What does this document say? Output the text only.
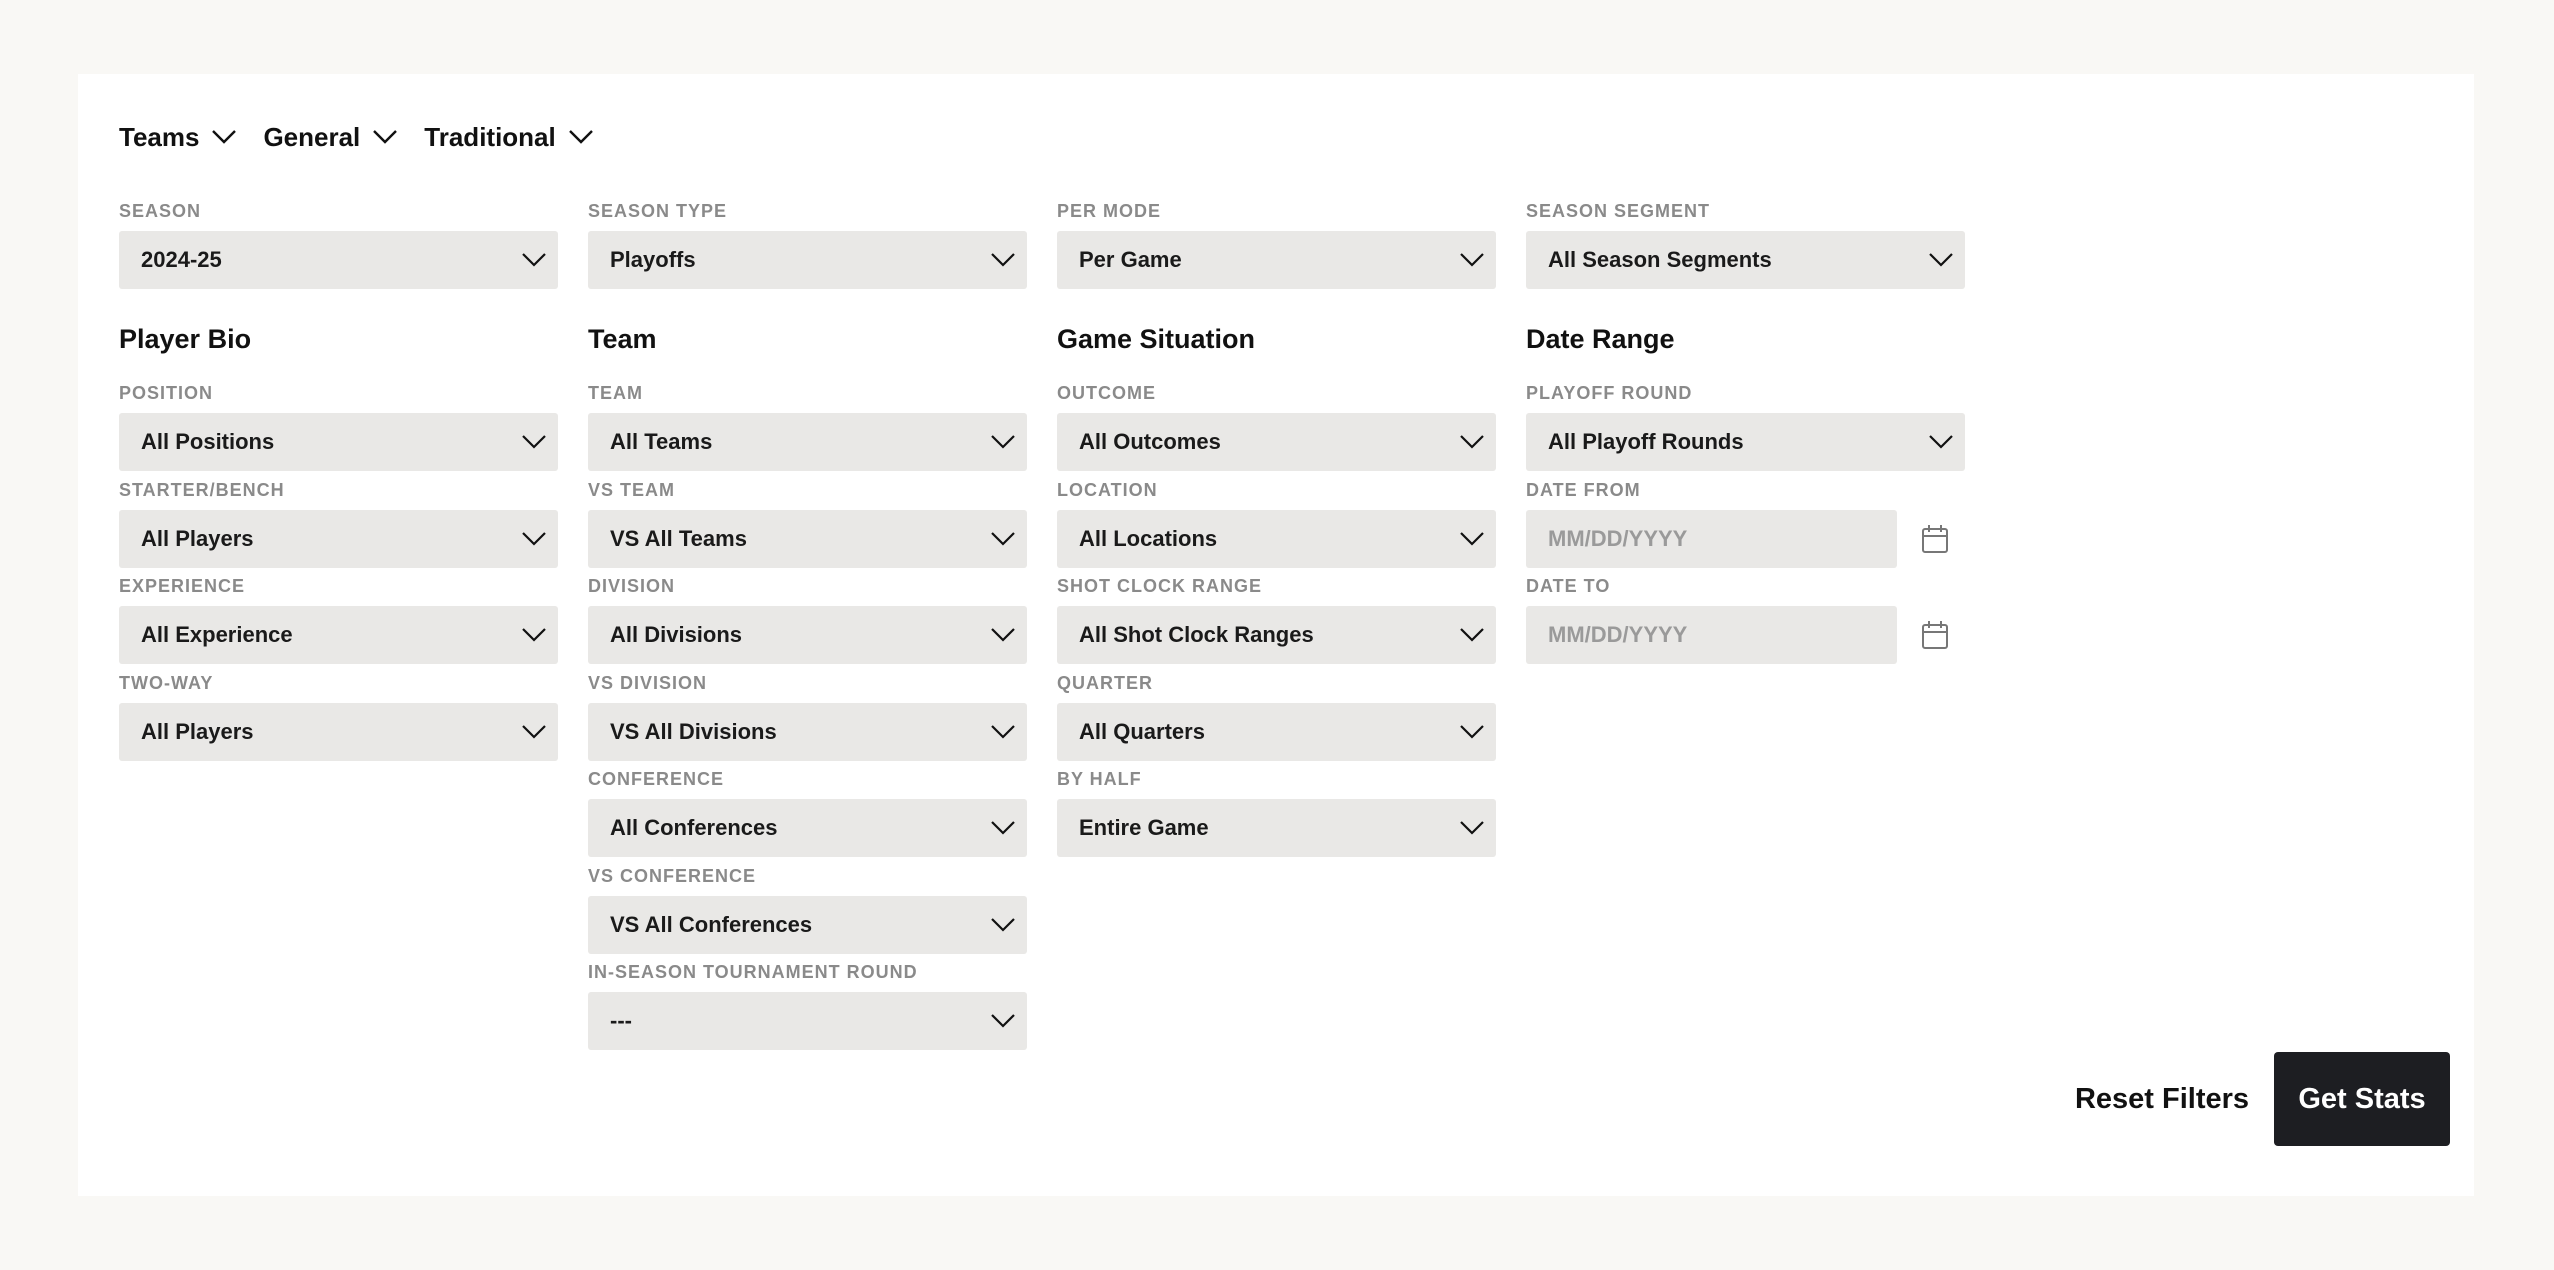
Teams General Traditional
SEASON
2024-25
SEASON TYPE
Playoffs
PER MODE
Per Game
SEASON SEGMENT
All Season Segments
Player Bio	Team	Game Situation	Date Range
POSITION
All Positions
STARTER/BENCH
All Players
EXPERIENCE
All Experience
TWO-WAY
All Players
TEAM
All Teams
VS TEAM
VS All Teams
DIVISION
All Divisions
VS DIVISION
VS All Divisions
CONFERENCE
All Conferences
VS CONFERENCE
VS All Conferences
IN-SEASON TOURNAMENT ROUND
---
OUTCOME
All Outcomes
LOCATION
All Locations
SHOT CLOCK RANGE
All Shot Clock Ranges
QUARTER
All Quarters
BY HALF
Entire Game
PLAYOFF ROUND
All Playoff Rounds
DATE FROM
MM/DD/YYYY
DATE TO
MM/DD/YYYY
Reset Filters	Get Stats
